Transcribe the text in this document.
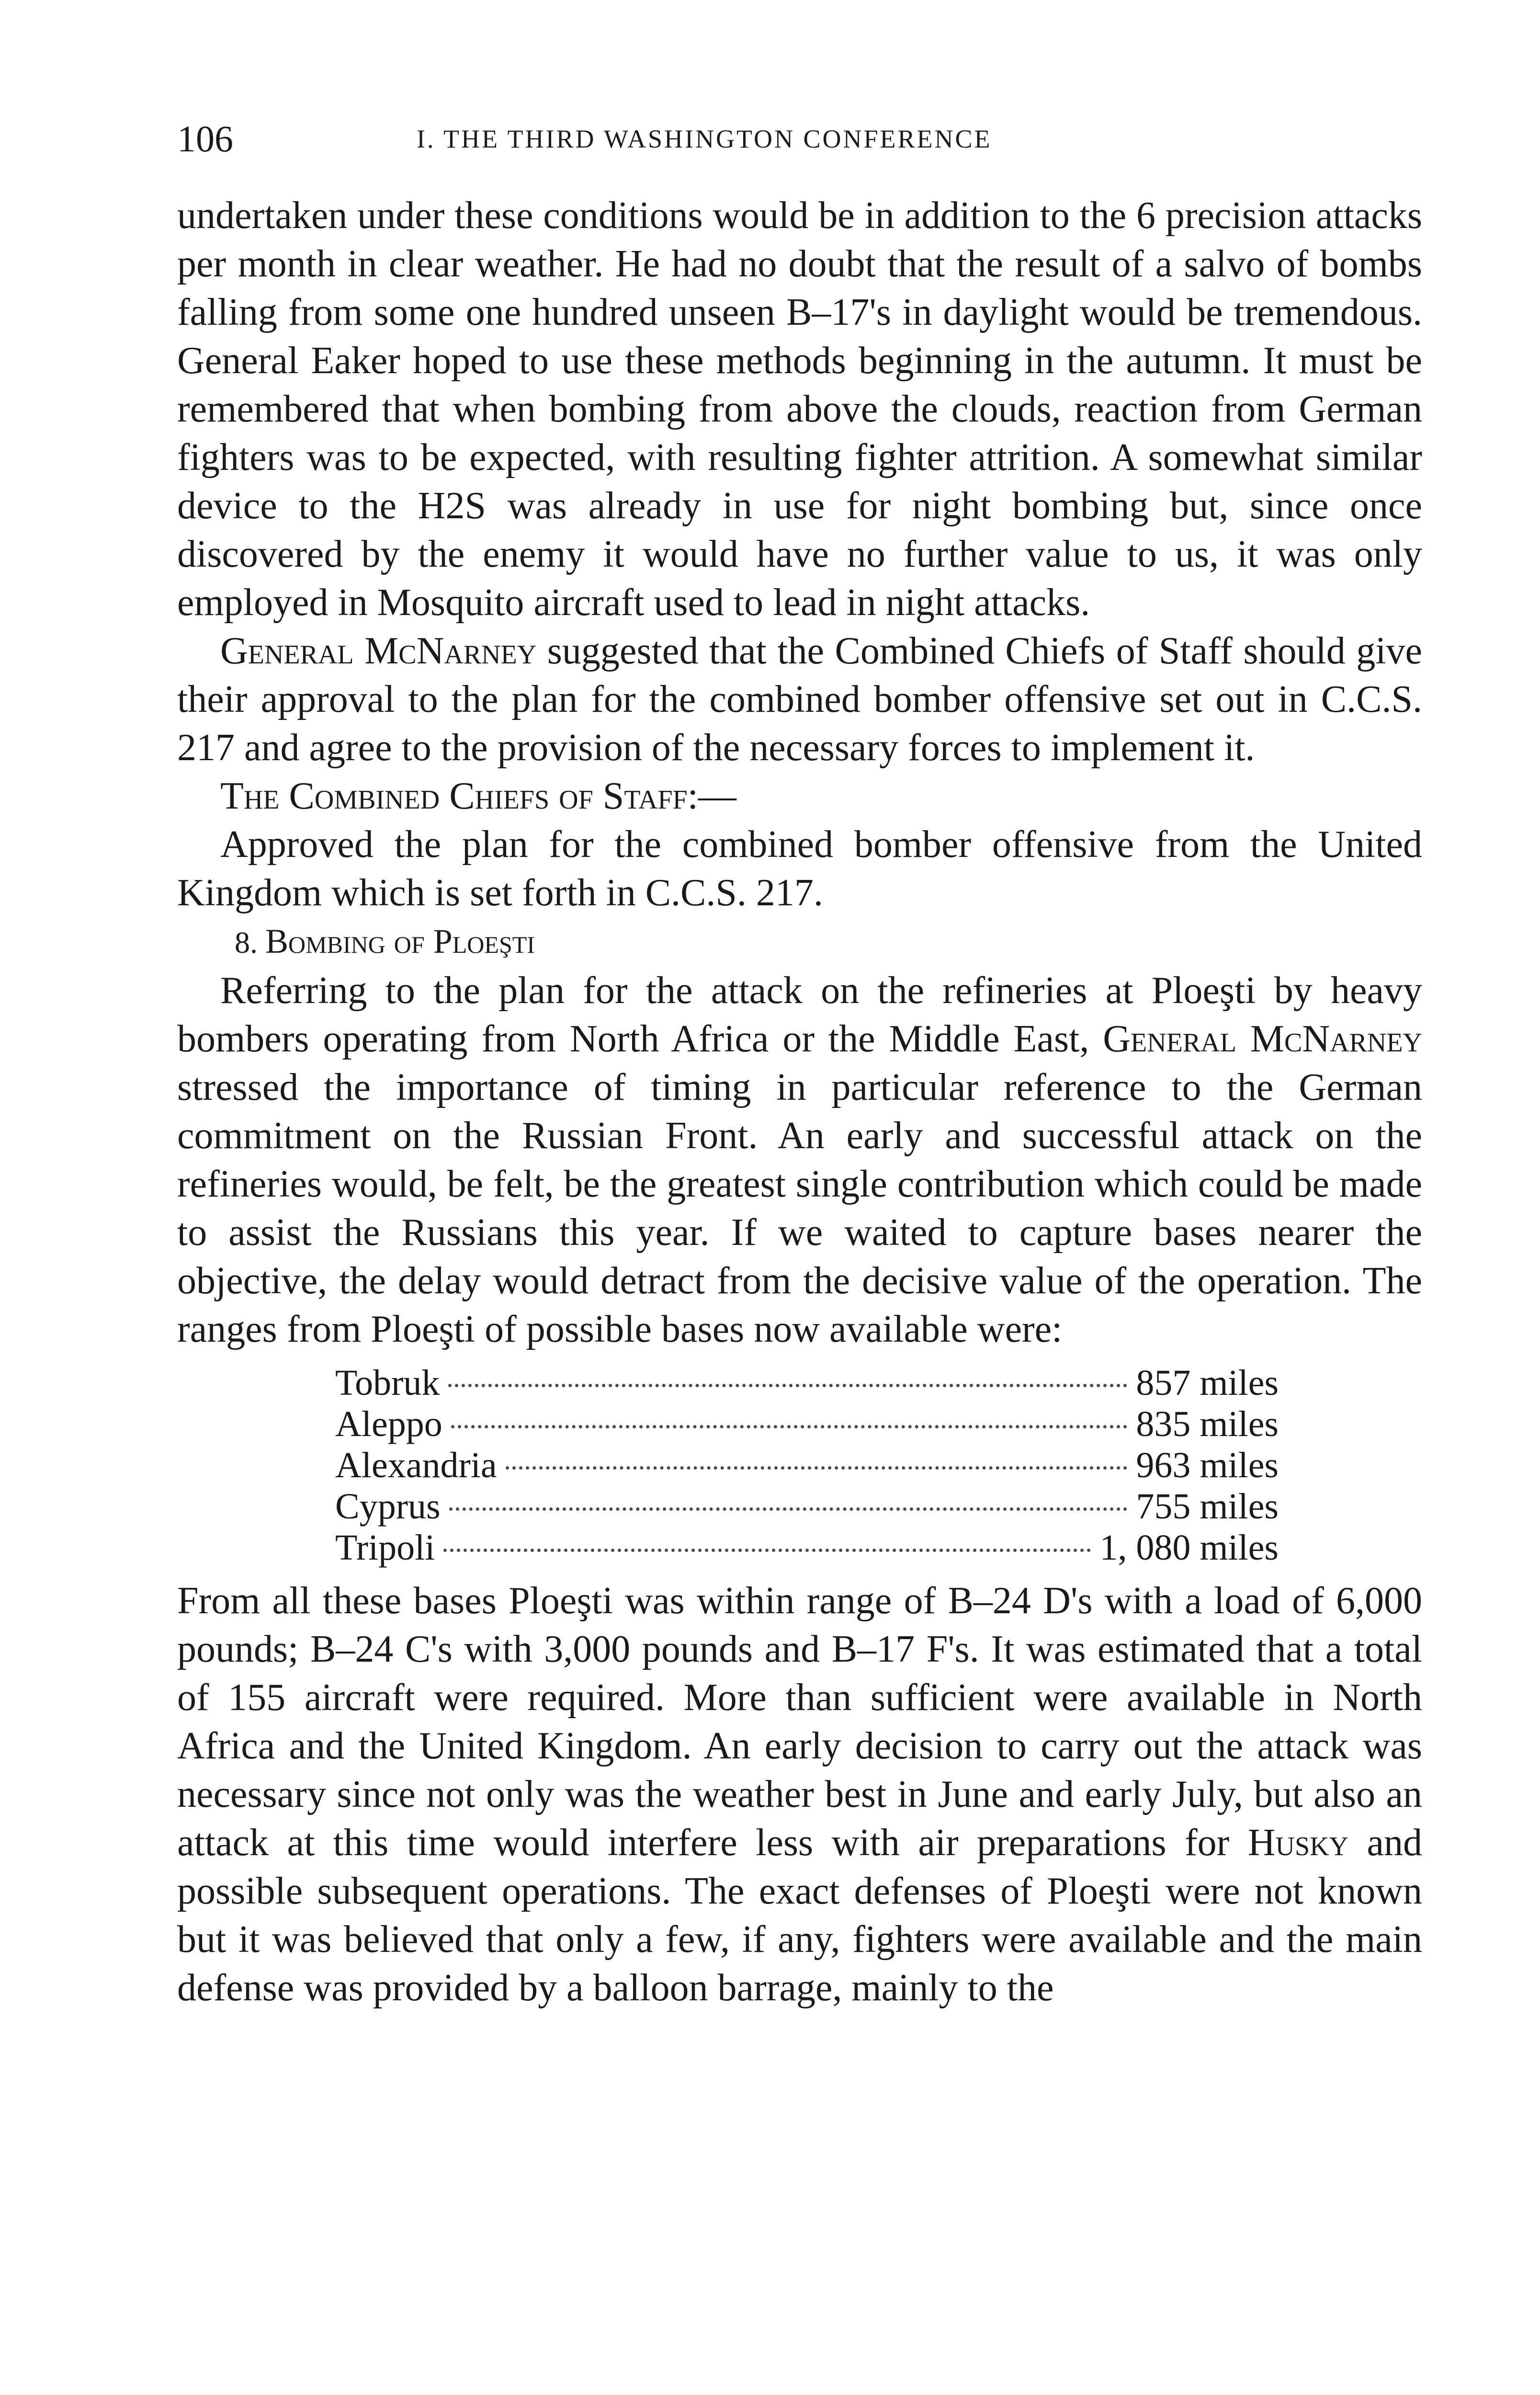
106	I. THE THIRD WASHINGTON CONFERENCE

undertaken under these conditions would be in addition to the 6 precision attacks per month in clear weather. He had no doubt that the result of a salvo of bombs falling from some one hundred unseen B–17's in daylight would be tremendous. General Eaker hoped to use these methods beginning in the autumn. It must be remembered that when bombing from above the clouds, reaction from German fighters was to be expected, with resulting fighter attrition. A somewhat similar device to the H2S was already in use for night bombing but, since once discovered by the enemy it would have no further value to us, it was only employed in Mosquito aircraft used to lead in night attacks.

General McNarney suggested that the Combined Chiefs of Staff should give their approval to the plan for the combined bomber offensive set out in C.C.S. 217 and agree to the provision of the necessary forces to implement it.

The Combined Chiefs of Staff:—

Approved the plan for the combined bomber offensive from the United Kingdom which is set forth in C.C.S. 217.

8. Bombing of Ploeşti

Referring to the plan for the attack on the refineries at Ploeşti by heavy bombers operating from North Africa or the Middle East, General McNarney stressed the importance of timing in particular reference to the German commitment on the Russian Front. An early and successful attack on the refineries would, be felt, be the greatest single contribution which could be made to assist the Russians this year. If we waited to capture bases nearer the objective, the delay would detract from the decisive value of the operation. The ranges from Ploeşti of possible bases now available were:

Tobruk	857 miles
Aleppo	835 miles
Alexandria	963 miles
Cyprus	755 miles
Tripoli	1, 080 miles

From all these bases Ploeşti was within range of B–24 D's with a load of 6,000 pounds; B–24 C's with 3,000 pounds and B–17 F's. It was estimated that a total of 155 aircraft were required. More than sufficient were available in North Africa and the United Kingdom. An early decision to carry out the attack was necessary since not only was the weather best in June and early July, but also an attack at this time would interfere less with air preparations for Husky and possible subsequent operations. The exact defenses of Ploeşti were not known but it was believed that only a few, if any, fighters were available and the main defense was provided by a balloon barrage, mainly to the
